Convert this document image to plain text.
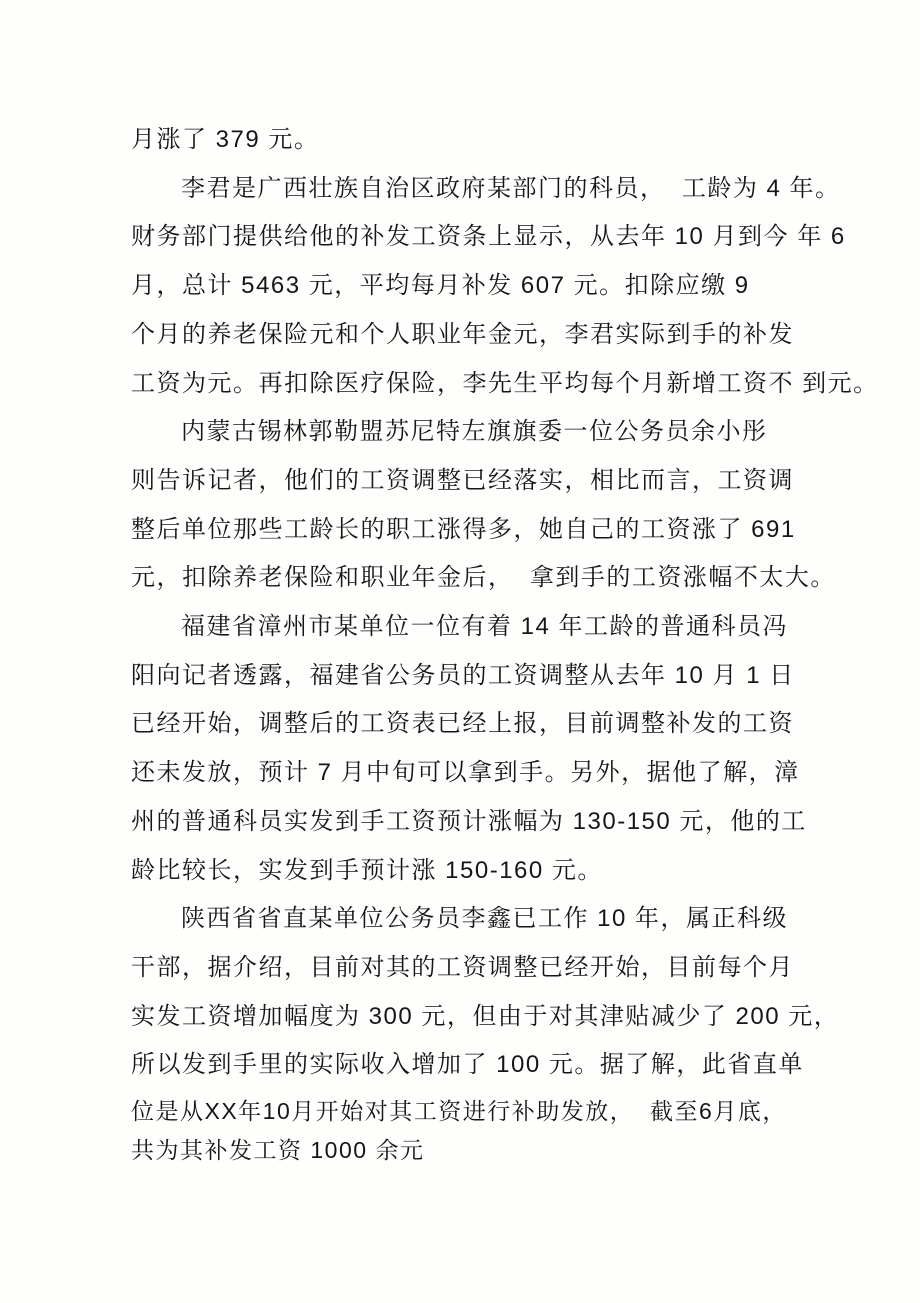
月涨了 379 元。
李君是广西壮族自治区政府某部门的科员，  工龄为 4 年。
财务部门提供给他的补发工资条上显示，从去年 10 月到今 年 6
月，总计 5463 元，平均每月补发 607 元。扣除应缴 9
个月的养老保险元和个人职业年金元，李君实际到手的补发
工资为元。再扣除医疗保险，李先生平均每个月新增工资不 到元。
内蒙古锡林郭勒盟苏尼特左旗旗委一位公务员余小彤
则告诉记者，他们的工资调整已经落实，相比而言，工资调
整后单位那些工龄长的职工涨得多，她自己的工资涨了 691
元，扣除养老保险和职业年金后，  拿到手的工资涨幅不太大。
福建省漳州市某单位一位有着 14 年工龄的普通科员冯
阳向记者透露，福建省公务员的工资调整从去年 10 月 1 日
已经开始，调整后的工资表已经上报，目前调整补发的工资
还未发放，预计 7 月中旬可以拿到手。另外，据他了解，漳
州的普通科员实发到手工资预计涨幅为 130-150 元，他的工
龄比较长，实发到手预计涨 150-160 元。
陕西省省直某单位公务员李鑫已工作 10 年，属正科级
干部，据介绍，目前对其的工资调整已经开始，目前每个月
实发工资增加幅度为 300 元，但由于对其津贴减少了 200 元，
所以发到手里的实际收入增加了 100 元。据了解，此省直单
位是从XX年10月开始对其工资进行补助发放，  截至6月底，
共为其补发工资 1000 余元
